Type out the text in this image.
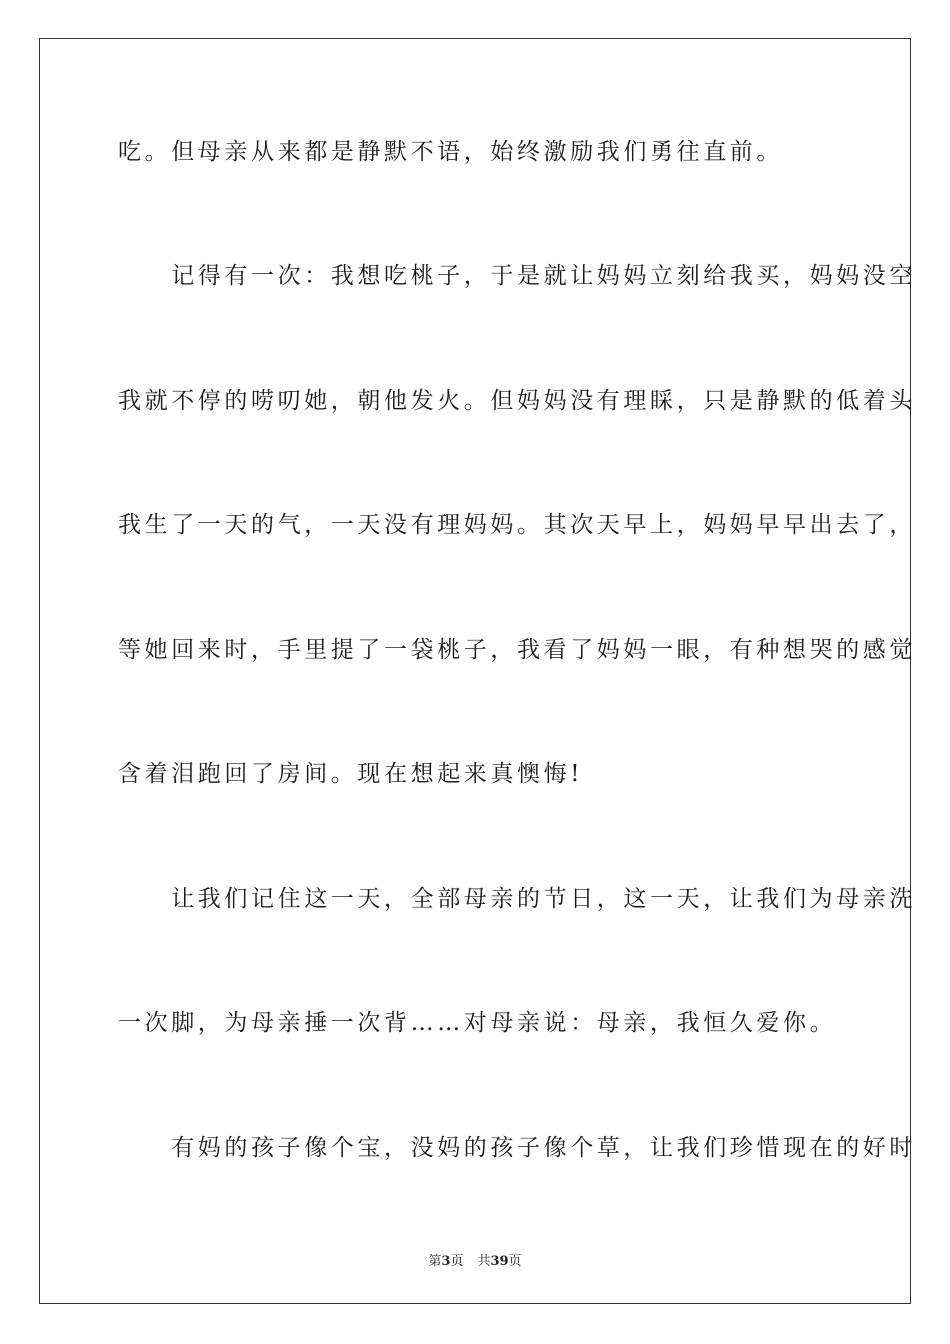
吃。但母亲从来都是静默不语，始终激励我们勇往直前。
　　记得有一次：我想吃桃子，于是就让妈妈立刻给我买，妈妈没空
我就不停的唠叨她，朝他发火。但妈妈没有理睬，只是静默的低着头
我生了一天的气，一天没有理妈妈。其次天早上，妈妈早早出去了，
等她回来时，手里提了一袋桃子，我看了妈妈一眼，有种想哭的感觉
含着泪跑回了房间。现在想起来真懊悔!
　　让我们记住这一天，全部母亲的节日，这一天，让我们为母亲洗
一次脚，为母亲捶一次背……对母亲说：母亲，我恒久爱你。
　　有妈的孩子像个宝，没妈的孩子像个草，让我们珍惜现在的好时
第3页 共39页
